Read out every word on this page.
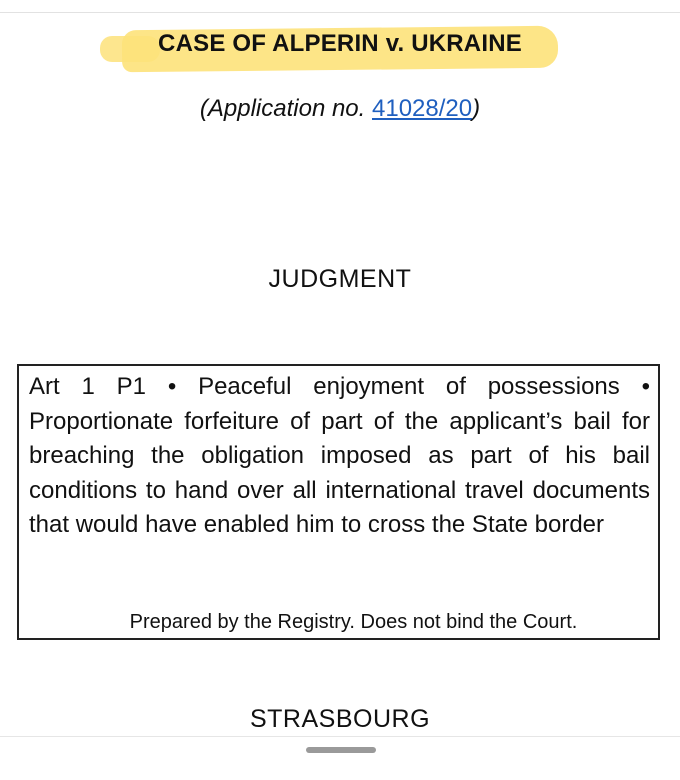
CASE OF ALPERIN v. UKRAINE
(Application no. 41028/20)
JUDGMENT

Art 1 P1 • Peaceful enjoyment of possessions • Proportionate forfeiture of part of the applicant’s bail for breaching the obligation imposed as part of his bail conditions to hand over all international travel documents that would have enabled him to cross the State border

Prepared by the Registry. Does not bind the Court.
STRASBOURG
